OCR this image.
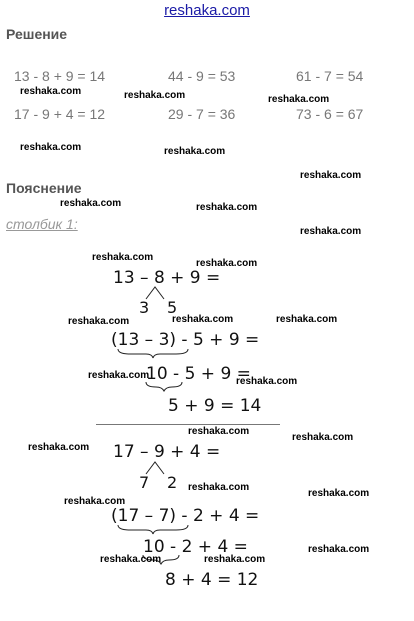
reshaka.com
Решение
13 - 8 + 9 = 14	44 - 9 = 53	61 - 7 = 54
17 - 9 + 4 = 12	29 - 7 = 36	73 - 6 = 67
Пояснение
столбик 1:
13 – 8 + 9 =
3 5
(13 – 3) - 5 + 9 =
10 - 5 + 9 =
5 + 9 = 14
17 – 9 + 4 =
7 2
(17 – 7) - 2 + 4 =
10 - 2 + 4 =
8 + 4 = 12
reshaka.com	reshaka.com	reshaka.com
reshaka.com	reshaka.com
reshaka.com
reshaka.com	reshaka.com
reshaka.com
reshaka.com
reshaka.com
reshaka.com	reshaka.com	reshaka.com
reshaka.com
reshaka.com
reshaka.com
reshaka.com
reshaka.com
reshaka.com
reshaka.com
reshaka.com
reshaka.com	reshaka.com
reshaka.com
